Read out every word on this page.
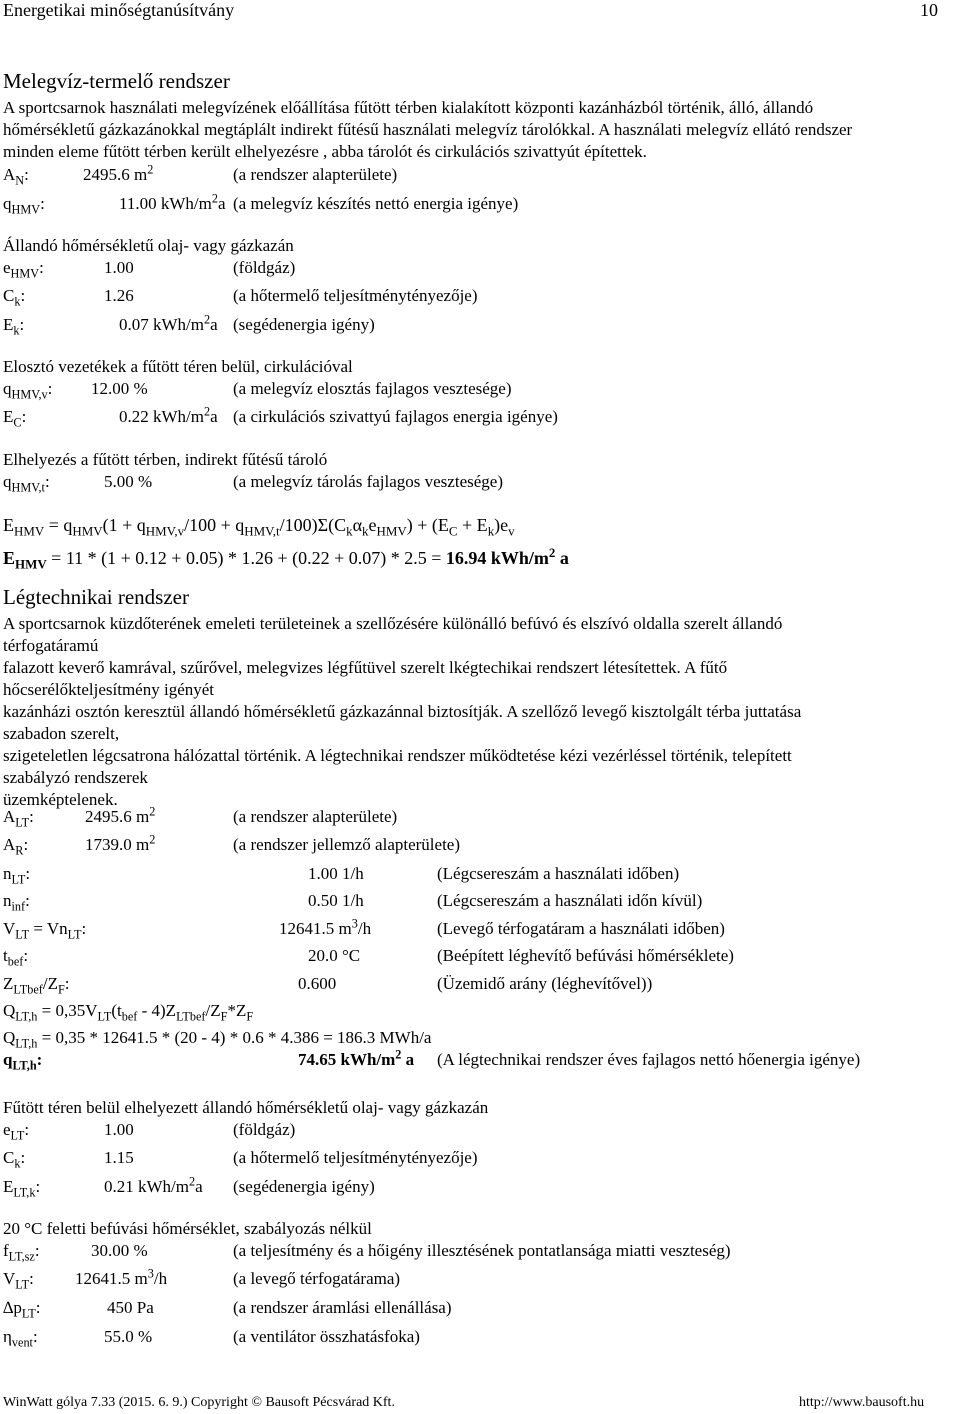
Energetikai minőségtanúsítvány	10
Melegvíz-termelő rendszer
A sportcsarnok használati melegvízének előállítása fűtött térben kialakított központi kazánházból történik, álló, állandó
hőmérsékletű gázkazánokkal megtáplált indirekt fűtésű használati melegvíz tárolókkal. A használati melegvíz ellátó rendszer
minden eleme fűtött térben került elhelyezésre , abba tárolót és cirkulációs szivattyút építettek.
$A_N$:	2495.6 $m^2$	(a rendszer alapterülete)
$q_{HMV}$:	11.00 kWh/$m^2a$ (a melegvíz készítés nettó energia igénye)
Állandó hőmérsékletű olaj- vagy gázkazán
$e_{HMV}$:	1.00	(földgáz)
$C_k$:	1.26	(a hőtermelő teljesítménytényezője)
$E_k$:	0.07 kWh/$m^2a$ (segédenergia igény)
Elosztó vezetékek a fűtött téren belül, cirkulációval
$q_{HMV,v}$: 12.00 %	(a melegvíz elosztás fajlagos vesztesége)
$E_C$:	0.22 kWh/$m^2a$ (a cirkulációs szivattyú fajlagos energia igénye)
Elhelyezés a fűtött térben, indirekt fűtésű tároló
$q_{HMV,t}$:	5.00 %	(a melegvíz tárolás fajlagos vesztesége)
$E_{HMV} = q_{HMV}(1 + q_{HMV,v}/100 + q_{HMV,t}/100)\Sigma(C_k\alpha_ke_{HMV}) + (E_C + E_k)e_v$
$E_{HMV} = 11 * (1 + 0.12 + 0.05) * 1.26 + (0.22 + 0.07) * 2.5 = 16.94$ kWh/$m^2$ a
Légtechnikai rendszer
A sportcsarnok küzdőterének emeleti területeinek a szellőzésére különálló befúvó és elszívó oldalla szerelt állandó
térfogatáramú
falazott keverő kamrával, szűrővel, melegvizes légfűtüvel szerelt lkégtechikai rendszert létesítettek. A fűtő
hőcserélőkteljesítmény igényét
kazánházi osztón keresztül állandó hőmérsékletű gázkazánnal biztosítják. A szellőző levegő kisztolgált térba juttatása
szabadon szerelt,
szigeteletlen légcsatrona hálózattal történik. A légtechnikai rendszer működtetése kézi vezérléssel történik, telepített
szabályzó rendszerek
üzemképtelenek.
$A_{LT}$:	2495.6 $m^2$	(a rendszer alapterülete)
$A_R$:	1739.0 $m^2$	(a rendszer jellemző alapterülete)
$n_{LT}$:	1.00 1/h	(Légcsereszám a használati időben)
$n_{inf}$:	0.50 1/h	(Légcsereszám a használati időn kívül)
$V_{LT} = Vn_{LT}$:	12641.5 $m^3/h$	(Levegő térfogatáram a használati időben)
$t_{bef}$:	20.0 °C	(Beépített léghevítő befúvási hőmérséklete)
$Z_{LTbef}/Z_F$:	0.600	(Üzemidő arány (léghevítővel))
$Q_{LT,h} = 0,35V_{LT}(t_{bef} - 4)Z_{LTbef}/Z_F*Z_F$
$Q_{LT,h} = 0,35 * 12641.5 * (20 - 4) * 0.6 * 4.386 = 186.3$ MWh/a
$q_{LT,h}$:	74.65 kWh/$m^2$ a (A légtechnikai rendszer éves fajlagos nettó hőenergia igénye)
Fűtött téren belül elhelyezett állandó hőmérsékletű olaj- vagy gázkazán
$e_{LT}$:	1.00	(földgáz)
$C_k$:	1.15	(a hőtermelő teljesítménytényezője)
$E_{LT,k}$:	0.21 kWh/$m^2a$ (segédenergia igény)
20 °C feletti befúvási hőmérséklet, szabályozás nélkül
$f_{LT,sz}$:	30.00 %	(a teljesítmény és a hőigény illesztésének pontatlansága miatti veszteség)
$V_{LT}$: 12641.5 $m^3/h$	(a levegő térfogatárama)
$\Delta p_{LT}$:	450 Pa	(a rendszer áramlási ellenállása)
$\eta_{vent}$:	55.0 %	(a ventilátor összhatásfoka)
WinWatt gólya 7.33 (2015. 6. 9.) Copyright © Bausoft Pécsvárad Kft.	http://www.bausoft.hu
